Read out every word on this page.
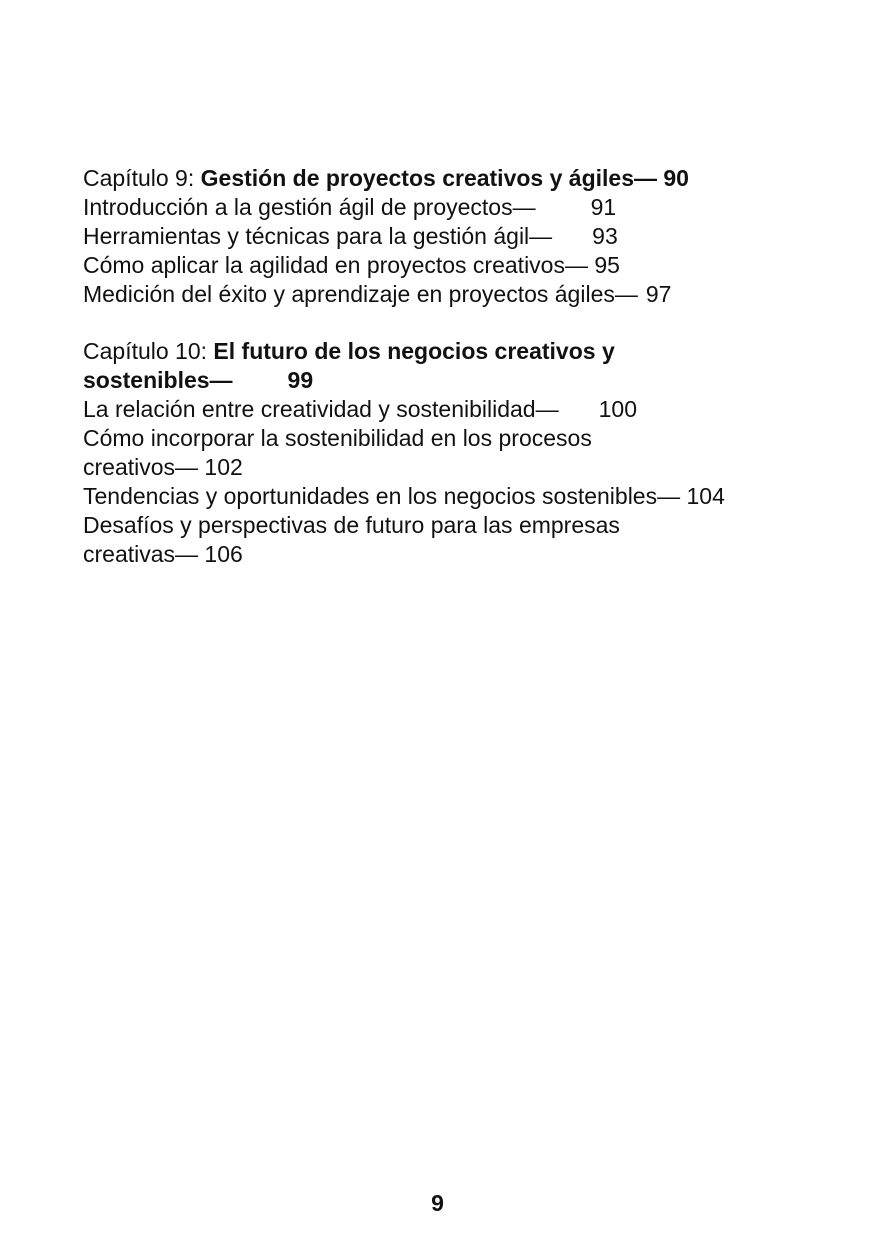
Capítulo 9: Gestión de proyectos creativos y ágiles— 90
Introducción a la gestión ágil de proyectos— 91
Herramientas y técnicas para la gestión ágil— 93
Cómo aplicar la agilidad en proyectos creativos— 95
Medición del éxito y aprendizaje en proyectos ágiles— 97
Capítulo 10: El futuro de los negocios creativos y
sostenibles— 99
La relación entre creatividad y sostenibilidad— 100
Cómo incorporar la sostenibilidad en los procesos
creativos— 102
Tendencias y oportunidades en los negocios sostenibles— 104
Desafíos y perspectivas de futuro para las empresas
creativas— 106
9
